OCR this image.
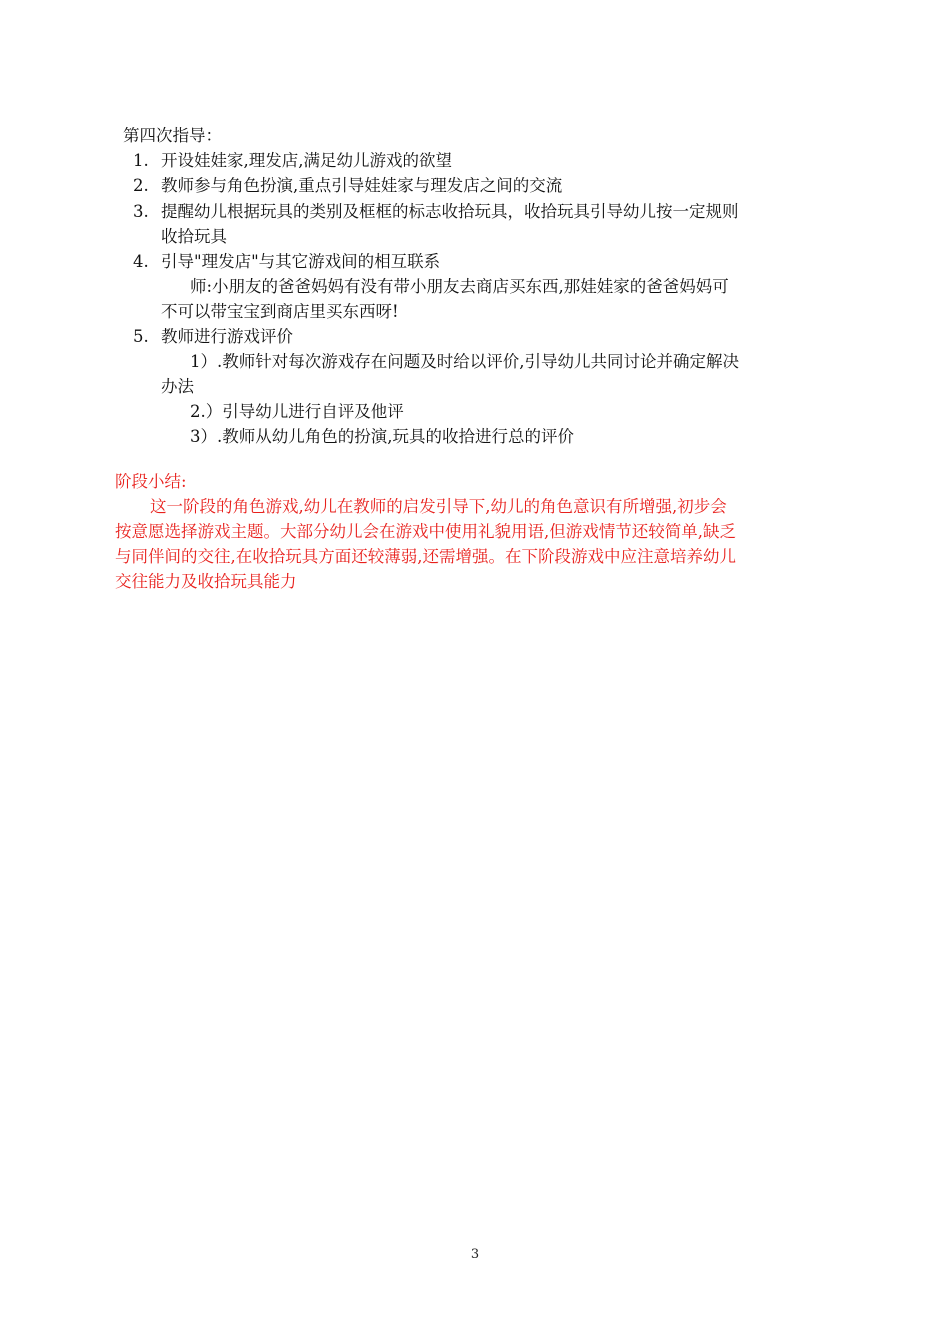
第四次指导：
1. 开设娃娃家,理发店,满足幼儿游戏的欲望
2. 教师参与角色扮演,重点引导娃娃家与理发店之间的交流
3. 提醒幼儿根据玩具的类别及框框的标志收拾玩具，收拾玩具引导幼儿按一定规则
收拾玩具
4. 引导"理发店"与其它游戏间的相互联系
师:小朋友的爸爸妈妈有没有带小朋友去商店买东西,那娃娃家的爸爸妈妈可
不可以带宝宝到商店里买东西呀!
5. 教师进行游戏评价
1）.教师针对每次游戏存在问题及时给以评价,引导幼儿共同讨论并确定解决
办法
2.）引导幼儿进行自评及他评
3）.教师从幼儿角色的扮演,玩具的收拾进行总的评价
阶段小结:
这一阶段的角色游戏,幼儿在教师的启发引导下,幼儿的角色意识有所增强,初步会
按意愿选择游戏主题。大部分幼儿会在游戏中使用礼貌用语,但游戏情节还较简单,缺乏
与同伴间的交往,在收拾玩具方面还较薄弱,还需增强。在下阶段游戏中应注意培养幼儿
交往能力及收拾玩具能力
3
